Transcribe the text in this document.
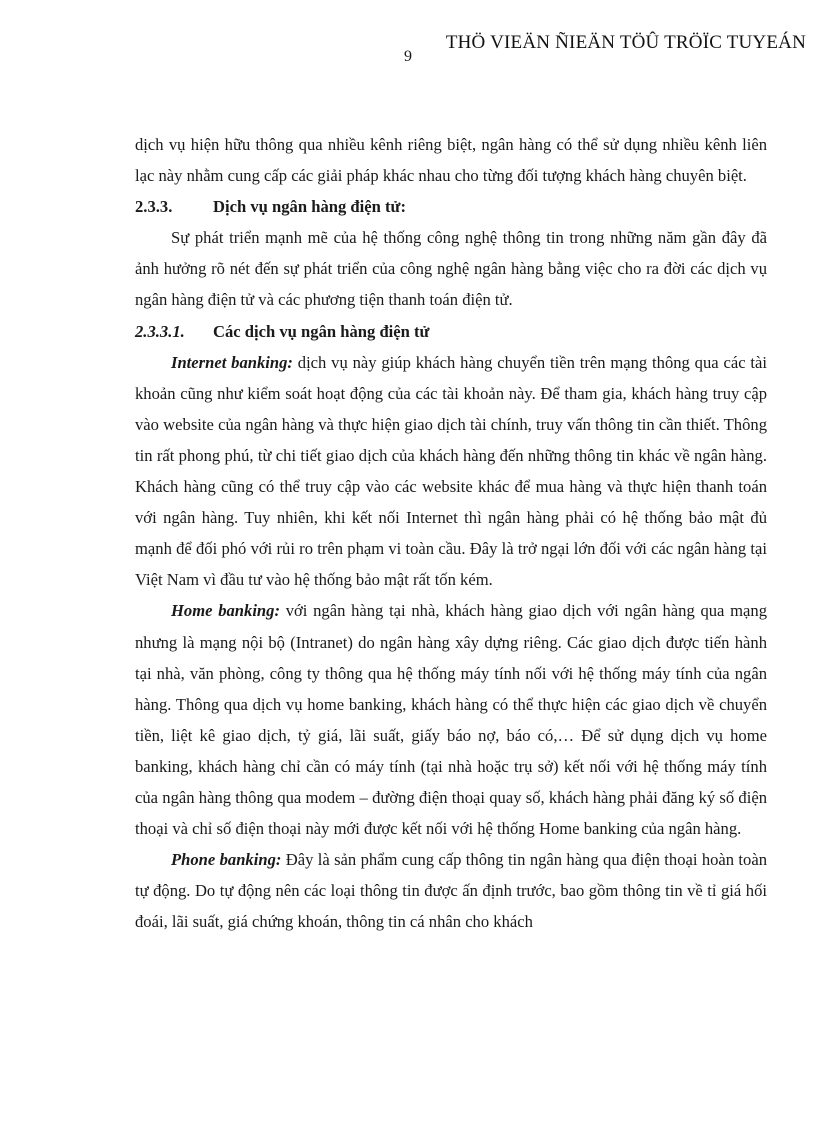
THÖ VIEÄN ÑIEÄN TÖÛ TRÖÏC TUYEÁN
9

dịch vụ hiện hữu thông qua nhiều kênh riêng biệt, ngân hàng có thể sử dụng nhiều kênh liên lạc này nhằm cung cấp các giải pháp khác nhau cho từng đối tượng khách hàng chuyên biệt.

2.3.3.	Dịch vụ ngân hàng điện tử:

Sự phát triển mạnh mẽ của hệ thống công nghệ thông tin trong những năm gần đây đã ảnh hưởng rõ nét đến sự phát triển của công nghệ ngân hàng bằng việc cho ra đời các dịch vụ ngân hàng điện tử và các phương tiện thanh toán điện tử.

2.3.3.1.	Các dịch vụ ngân hàng điện tử

Internet banking: dịch vụ này giúp khách hàng chuyển tiền trên mạng thông qua các tài khoản cũng như kiểm soát hoạt động của các tài khoản này. Để tham gia, khách hàng truy cập vào website của ngân hàng và thực hiện giao dịch tài chính, truy vấn thông tin cần thiết. Thông tin rất phong phú, từ chi tiết giao dịch của khách hàng đến những thông tin khác về ngân hàng. Khách hàng cũng có thể truy cập vào các website khác để mua hàng và thực hiện thanh toán với ngân hàng. Tuy nhiên, khi kết nối Internet thì ngân hàng phải có hệ thống bảo mật đủ mạnh để đối phó với rủi ro trên phạm vi toàn cầu. Đây là trở ngại lớn đối với các ngân hàng tại Việt Nam vì đầu tư vào hệ thống bảo mật rất tốn kém.

Home banking: với ngân hàng tại nhà, khách hàng giao dịch với ngân hàng qua mạng nhưng là mạng nội bộ (Intranet) do ngân hàng xây dựng riêng. Các giao dịch được tiến hành tại nhà, văn phòng, công ty thông qua hệ thống máy tính nối với hệ thống máy tính của ngân hàng. Thông qua dịch vụ home banking, khách hàng có thể thực hiện các giao dịch về chuyển tiền, liệt kê giao dịch, tỷ giá, lãi suất, giấy báo nợ, báo có,… Để sử dụng dịch vụ home banking, khách hàng chỉ cần có máy tính (tại nhà hoặc trụ sở) kết nối với hệ thống máy tính của ngân hàng thông qua modem – đường điện thoại quay số, khách hàng phải đăng ký số điện thoại và chỉ số điện thoại này mới được kết nối với hệ thống Home banking của ngân hàng.

Phone banking: Đây là sản phẩm cung cấp thông tin ngân hàng qua điện thoại hoàn toàn tự động. Do tự động nên các loại thông tin được ấn định trước, bao gồm thông tin về tỉ giá hối đoái, lãi suất, giá chứng khoán, thông tin cá nhân cho khách
